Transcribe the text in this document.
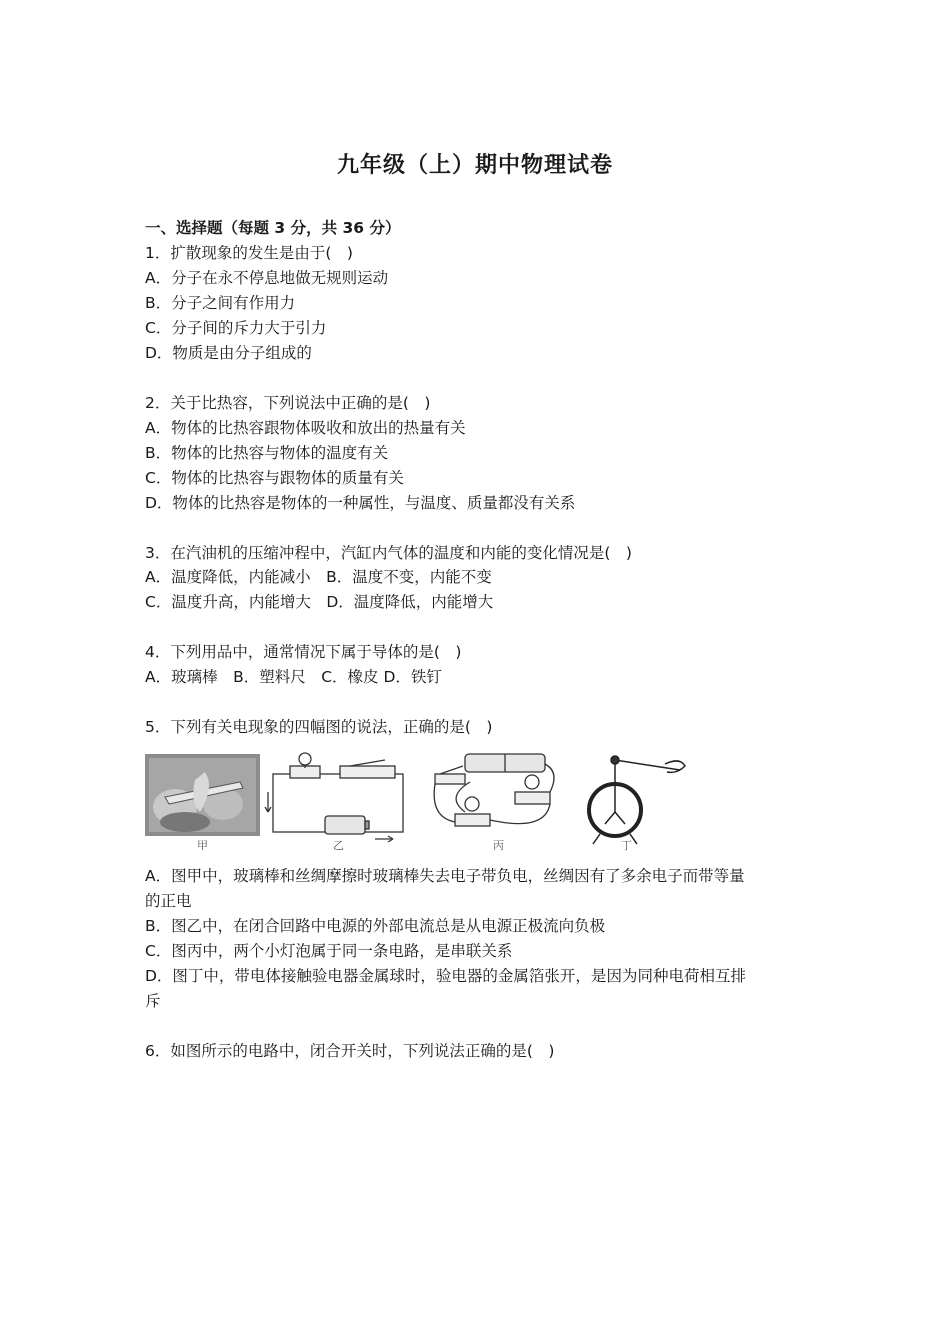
九年级（上）期中物理试卷
一、选择题（每题 3 分，共 36 分）
1．扩散现象的发生是由于(　)
A．分子在永不停息地做无规则运动
B．分子之间有作用力
C．分子间的斥力大于引力
D．物质是由分子组成的
2．关于比热容，下列说法中正确的是(　)
A．物体的比热容跟物体吸收和放出的热量有关
B．物体的比热容与物体的温度有关
C．物体的比热容与跟物体的质量有关
D．物体的比热容是物体的一种属性，与温度、质量都没有关系
3．在汽油机的压缩冲程中，汽缸内气体的温度和内能的变化情况是(　)
A．温度降低，内能减小　B．温度不变，内能不变
C．温度升高，内能增大　D．温度降低，内能增大
4．下列用品中，通常情况下属于导体的是(　)
A．玻璃棒　B．塑料尺　C．橡皮 D．铁钉
5．下列有关电现象的四幅图的说法，正确的是(　)
甲	乙	丙	丁
A．图甲中，玻璃棒和丝绸摩擦时玻璃棒失去电子带负电，丝绸因有了多余电子而带等量
的正电
B．图乙中，在闭合回路中电源的外部电流总是从电源正极流向负极
C．图丙中，两个小灯泡属于同一条电路，是串联关系
D．图丁中，带电体接触验电器金属球时，验电器的金属箔张开，是因为同种电荷相互排
斥
6．如图所示的电路中，闭合开关时，下列说法正确的是(　)
